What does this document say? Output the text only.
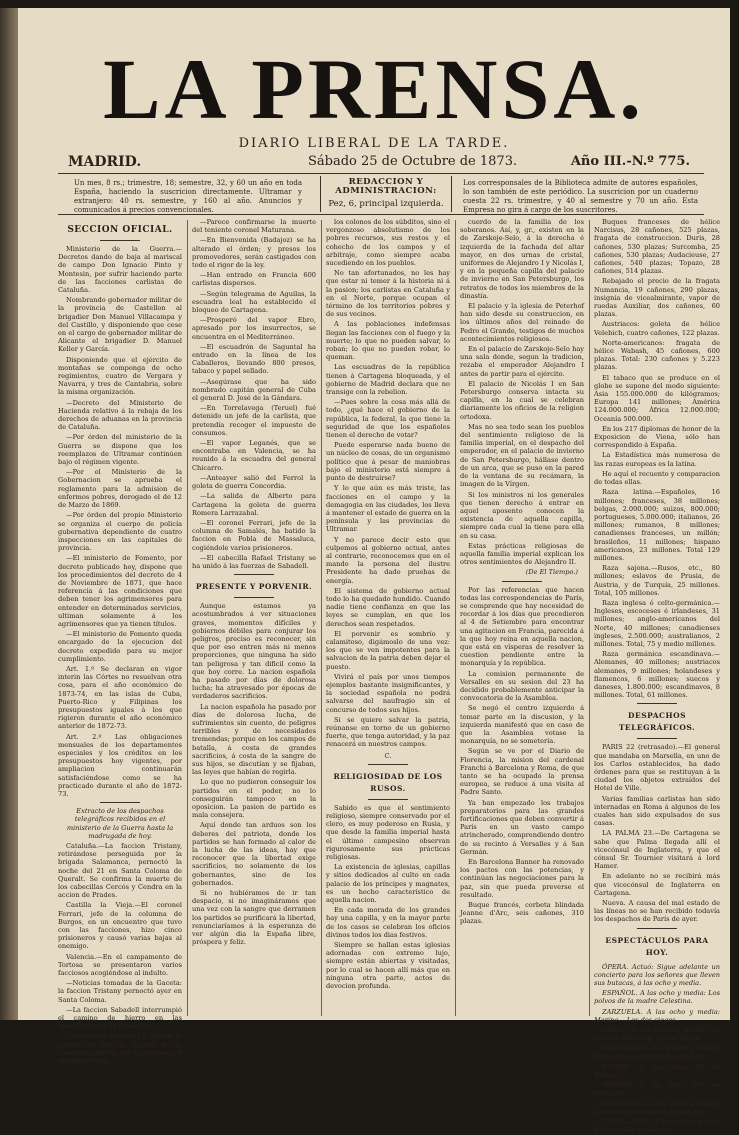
LA PRENSA.
DIARIO LIBERAL DE LA TARDE.
MADRID.	Sábado 25 de Octubre de 1873.	Año III.-N.º 775.
Un mes, 8 rs.; trimestre, 18; semestre, 32, y 60 un año en toda España, haciendo la suscricion directamente. Ultramar y extranjero: 40 rs. semestre, y 160 al año. Anuncios y comunicados á precios convencionales.
REDACCION Y ADMINISTRACION:
Pez, 6, principal izquierda.
Los corresponsales de la Biblioteca admite de autores españoles, lo son también de este periódico. La suscricion por un cuaderno cuesta 22 rs. trimestre, y 40 al semestre y 70 un año. Esta Empresa no gira á cargo de los suscritores.
SECCION OFICIAL.

Ministerio de la Guerra.—Decretos dando de baja al mariscal de campo Don Ignacio Pinto y Montesin, por sufrir haciendo parte de las facciones carlistas de Cataluña.

Nombrando gobernador militar de la provincia de Castellon al brigadier Don Manuel Villacampa y del Castillo, y disponiendo que cese en el cargo de gobernador militar de Alicante el brigadier D. Manuel Keller y García.

Disponiendo que el ejército de montañas se componga de ocho regimientos, cuatro de Vergara y Navarra, y tres de Cantabria, sobre la misma organización.

—Decreto del Ministerio de Hacienda relativo á la rebaja de los derechos de aduanas en la provincia de Cataluña.

—Por órden del ministerio de la Guerra se dispone que los reemplazos de Ultramar continúen bajo el régimen vigente.

—Por el Ministerio de la Gobernacion se aprueba el reglamento para la admision de enfermos pobres, derogado el de 12 de Marzo de 1869.

—Por órden del propio Ministerio se organiza el cuerpo de policía gubernativa dependiente de cuatro inspecciones en las capitales de provincia.

—El ministerio de Fomento, por decreto publicado hoy, dispone que los procedimientos del decreto de 4 de Noviembre de 1871, que hace referencia á las condiciones que deben tener los agrimensores para entender en determinados servicios, ultiman solamente á los agrimensores que ya tienen títulos.

—El ministerio de Fomento queda encargado de la ejecucion del decreto expedido para su mejor cumplimiento.

Art. 1.º Se declaran en vigor interin las Córtes no resuelvan otra cosa, para el año económico de 1873-74, en las islas de Cuba, Puerto-Rico y Filipinas los presupuestos iguales á los que rigieron durante el año económico anterior de 1872-73.

Art. 2.º Las obligaciones mensuales de los departamentos especiales y los créditos en los presupuestos hoy vigentes, por ampliacion continuarán satisfaciéndose como se ha practicado durante el año de 1872-73.

Extracto de los despachos telegráficos recibidos en el ministerio de la Guerra hasta la madrugada de hoy.

Cataluña.—La faccion Tristany, retirándose perseguida por la brigada Salamanca, pernoctó la noche del 21 en Santa Coloma de Queralt. Se confirma la muerte de los cabecillas Cercós y Cendra en la accion de Prades.

Castilla la Vieja.—El coronel Ferrari, jefe de la columna de Burgos, en un encuentro que tuvo con las facciones, hizo cinco prisioneros y causó varias bajas al enemigo.

Valencia.—En el campamento de Tortosa se presentaron varios facciosos acogiéndose al indulto.

—Noticias tomadas de la Gaceta: la faccion Tristany pernoctó ayer en Santa Coloma.

—La faccion Sabadell interrumpió el camino de hierro en las inmediaciones de Granollers.

—Circula en Chervert y Aleixar la noticia de que la faccion de la Gaceta fué batida por la columna del brigadier Pavía.

—Parece confirmarse la muerte del teniente coronel Maturana.

—En Bienvenida (Badajoz) se ha alterado el órden; y presos los promovedores, serán castigados con todo el rigor de la ley.

—Han entrado en Francia 600 carlistas dispersos.

—Según telegrama de Aguilas, la escuadra leal ha establecido el bloqueo de Cartagena.

—Prosperó del vapor Ebro, apresado por los insurrectos, se encuentra en el Mediterráneo.

—El escuadrón de Saguntal ha entrado en la línea de los Caballeros, llevando 800 presos, tabaco y papel sellado.

—Asegúrase que ha sido nombrado capitán general de Cuba el general D. José de la Gándara.

—En Torrelavega (Teruel) fué detenido un jefe de la carlista, que pretendía recoger el impuesto de consumos.

—El vapor Leganés, que se encontraba en Valencia, se ha reunido á la escuadra del general Chicarro.

—Anteayer salió del Ferrol la goleta de guerra Concordia.

—La salida de Alberto para Cartagena la goleta de guerra Romera Larrazabal.

—El coronel Ferrari, jefe de la columna de Samalés, ha batido la faccion en Pobla de Massaluca, cogiéndole varios prisioneros.

—El cabecilla Rafael Tristany se ha unido á las fuerzas de Sabadell.

PRESENTE Y PORVENIR.

Aunque estamos ya acostumbrados á ver situaciones graves, momentos difíciles y gobiernos débiles para conjurar los peligros, preciso es reconocer, sin que por eso entren más ni menos proporciones, que ninguna ha sido tan peligrosa y tan dificil como la que hoy corre. La nacion española ha pasado por días de dolorosa lucha; ha atravesado por épocas de verdaderos sacrificios.

La nacion española ha pasado por días de dolorosa lucha, de sufrimientos sin cuento, de peligros terribles y de necesidades tremendas; porque en los campos de batalla, á costa de grandes sacrificios, á costa de la sangre de sus hijos, se discutían y se fijaban, las leyes que habían de regirla.

Lo que no pudieron conseguir los partidos en el poder, no lo conseguirán tampoco en la oposicion. La pasion de partido es mala consejera.

Aquí donde tan arduos son los deberes del patriota, donde los partidos se han formado al calor de la lucha de las ideas, hay que reconocer que la libertad exige sacrificios, no solamente de los gobernantes, sino de los gobernados.

Si no hubiéramos de ir tan despacio, si no imagináramos que una vez con la sangre que derramen los partidos se purificará la libertad, renunciaríamos á la esperanza de ver algún dia la España libre, próspera y feliz.

los colonos de los súbditos, sino el vergonzoso absolutismo de los pobres recursos, sus restos y el cohecho de los campos y el arbitraje, como siempre acaba sucediendo en los pueblos.

No tan afortunados, no les hay que estar ni temer á la historia ni á la pasion; los carlistas en Cataluña y en el Norte, porque ocupan el término de los territorios pobres y de sus vecinos.

A las poblaciones indefensas llegan las facciones con el fuego y la muerte; lo que no pueden salvar, lo roban; lo que no pueden robar, lo queman.

Las escuadras de la república tienen á Cartagena bloqueada, y el gobierno de Madrid declara que no transige con la rebelion.

—Pues sobre la cosa más allá de todo, ¿qué hace el gobierno de la república, la federal, la que tiene la seguridad de que los españoles tienen el derecho de votar?

Puede esperarse nada bueno de un núcleo de cosas, de un organismo político que á pesar de maniobras bajo el ministerio está siempre á punto de destruirse?

Y lo que aún es más triste, las facciones en el campo y la demagogia en las ciudades, los lleva á mantener el estado de guerra en la península y las provincias de Ultramar.

Y no parece decir esto que culpemos al gobierno actual, antes al contrario, reconocemos que en el mando la persona del ilustre Presidente ha dado pruebas de energía.

El sistema de gobierno actual todo lo ha quedado hundido. Cuando nadie tiene confianza en que las leyes se cumplan, en que los derechos sean respetados.

El porvenir es sombrío y calamitoso, digámoslo de una vez: los que se ven impotentes para la salvacion de la patria deben dejar el puesto.

Vivirá el país por unos tiempos ejemplos bastante insignificantes, y la sociedad española no podrá salvarse del naufragio sin el concurso de todos sus hijos.

Si se quiere salvar la patria, reúnanse en torno de un gobierno fuerte, que tenga autoridad, y la paz renacerá en nuestros campos.

C.
RELIGIOSIDAD DE LOS RUSOS.

Sabido es que el sentimiento religioso, siempre conservado por el clero, es muy poderoso en Rusia, y que desde la familia imperial hasta el último campesino observan rigurosamente sus prácticas religiosas.

La existencia de iglesias, capillas y sitios dedicados al culto en cada palacio de los príncipes y magnates, es un hecho característico de aquella nacion.

En cada morada de los grandes hay una capilla, y en la mayor parte de los casos se celebran los oficios divinos todos los dias festivos.

Siempre se hallan estas iglesias adornadas con extremo lujo, siempre están abiertas y visitadas, por lo cual se hacen allí más que en ninguna otra parte, actos de devocion profunda.

cuerdo de la familia de los soberanos. Así, y, gr., existen en la de Zarskoje-Selo, á la derecha é izquierda de la fachada del altar mayor, en dos urnas de cristal, uniformes de Alejandro I y Nicolás I, y en la pequeña capilla del palacio de invierno en San Petersburgo, los retratos de todos los miembros de la dinastía.

El palacio y la iglesia de Peterhof han sido desde su construccion, en los últimos años del reinado de Pedro el Grande, testigos de muchos acontecimientos religiosos.

En el palacio de Zarskoje-Selo hay una sala donde, segun la tradicion, rezaba el emperador Alejandro I antes de partir para el ejército.

El palacio de Nicolás I en San Petersburgo conserva intacta su capilla, en la cual se celebran diariamente los oficios de la religion ortodoxa.

Mas no sea todo sean los pueblos del sentimiento religioso de la familia imperial, en el despacho del emperador, en el palacio de invierno de San Petersburgo, hállase dentro de un arca, que se puso en la pared de la ventana de su recámara, la imagen de la Vírgen.

Si los ministros ni los generales que tienen derecho á entrar en aquel aposento conocen la existencia de aquella capilla, siempre cada cual la tiene para ella en su casa.

Estas prácticas religiosas de aquella familia imperial explican los otros sentimientos de Alejandro II.

(De El Tiempo.)

Por las referencias que hacen todas las correspondencias de París, se comprende que hay necesidad de recordar á los días que precedieron al 4 de Setiembre para encontrar una agitacion en Francia, parecida á la que hoy reina en aquella nacion, que está en vísperas de resolver la cuestion pendiente entre la monarquía y la república.

La comision permanente de Versalles en su sesion del 23 ha decidido probablemente anticipar la convocatoria de la Asamblea.

Se negó el centro izquierdo á tomar parte en la discusion, y la izquierda manifestó que en caso de que la Asamblea votase la monarquía, no se sometería.

Según se ve por el Diario de Florencia, la mision del cardenal Franchi á Barcelona y Roma, de que tanto se ha ocupado la prensa europea, se reduce á una visita al Padre Santo.

Ya han empezado los trabajos preparatorios para las grandes fortificaciones que deben convertir á París en un vasto campo atrincherado, comprendiendo dentro de su recinto á Versalles y á San Germán.

En Barcelona Banner ha renovado los pactos con las potencias, y continúan las negociaciones para la paz, sin que pueda preverse el resultado.

Buque francés, corbeta blindada Jeanne d'Arc, seis cañones, 310 plazas.

Buques franceses de hélice Narcisus, 28 cañones, 525 plazas, fragata de construccion. Duris, 28 cañones, 530 plazas; Surcomba, 25 cañones, 530 plazas; Audacieuse, 27 cañones, 540 plazas; Topazo, 28 cañones, 514 plazas.

Rebajado el precio de la fragata Numancia, 19 cañones, 290 plazas, insignia de vicealmirante, vapor de ruedas Auxiliar, dos cañones, 60 plazas.

Austriacos: goleta de hélice Velebich, cuatro cañones, 122 plazas.

Norte-americanos: fragata de hélice Wabash, 45 cañones, 600 plazas. Total: 230 cañones y 5.223 plazas.

El tabaco que se produce en el globe se supone del modo siguiente: Asia 155.000.000 de kilógramos; Europa 141 millones; América 124.000.000; África 12.000.000; Oceanía 500.000.

En los 217 diplomas de honor de la Exposicion de Viena, sólo han correspondido á España.

La Estadística más numerosa de las razas europeas es la latina.

He aquí el recuento y comparacion de todas ellas.

Raza latina.—Españoles, 16 millones; franceses, 38 millones; belgas, 2.000.000; suizos, 800.000; portugueses, 5.000.000; italianos, 26 millones; rumanos, 8 millones; canadienses franceses, un millón; brasileños, 11 millones; hispano americanos, 23 millones. Total 129 millones.

Raza sajona.—Rusos, etc., 80 millones; eslavos de Prusia, de Austria, y de Turquía, 25 millones. Total, 105 millones.

Raza inglesa ó celto-germánica.—Ingleses, escoceses é irlandeses, 31 millones; anglo-americanos del Norte, 40 millones; canadienses ingleses, 2.500.000; australianos, 2 millones. Total, 75 y medio millones.

Raza germánica escandinava.—Alemanes, 40 millones; austriacos alemanes, 9 millones; holandeses y flamencos, 6 millones; suecos y daneses, 1.800.000; escandinavos, 8 millones. Total, 61 millones.

DESPACHOS TELEGRÁFICOS.

PARIS 22 (retrasado).—El general que mandaba en Marsella, en uno de los Carlos establecidos, ha dado órdenes para que se restituyan á la ciudad los objetos extraídos del Hotel de Ville.

Varias familias carlistas han sido internadas en Roma á algunos de los cuales han sido expulsados de sus casas.

LA PALMA 23.—De Cartagena se sabe que Palma llegada allí el vicecónsul de Inglaterra, y que el cónsul Sr. Tournier visitará á lord Hamer.

En adelante no se recibirá más que vicecónsul de Inglaterra en Cartagena.

Nueva. A causa del mal estado de las líneas no se han recibido todavía los despachos de París de ayer.

ESPECTÁCULOS PARA HOY.

ÓPERA. Actuó: Sigue adelante un concierto para los señores que lleven sus butacas, á las ocho y media.

ESPAÑOL. A las ocho y media: Los polvos de la madre Celestina.

ZARZUELA. A las ocho y media: Marina.—Los dos ciegos.

CIRCO. A las ocho y media: La capa de plata.—El último Ripoll.

VARIEDADES. A las ocho y media: Haciendo un manual de cómicos.

ESLAVA. A las ocho: El tío Baltasar.

MARTÍN. A las ocho: Por un descuido.

ALHAMBRA. A las ocho y media: La novia y el nonio de Calatrava.

CAPELLANES. A las ocho y media: Espectáculo de verano.
